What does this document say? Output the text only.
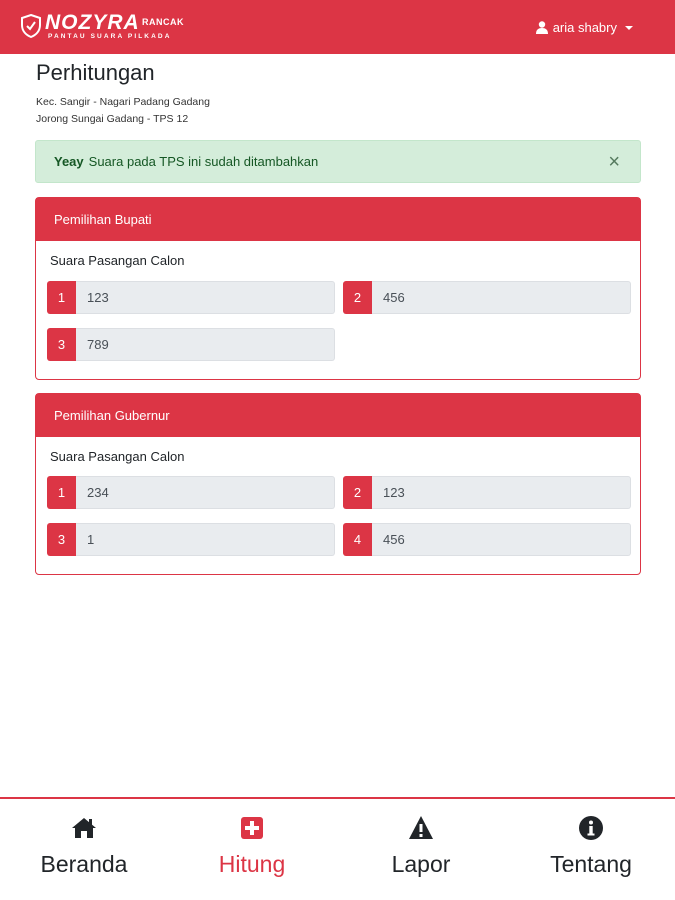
NOZYRA RANCAK
PANTAU SUARA PILKADA
aria shabry
Perhitungan
Kec. Sangir - Nagari Padang Gadang
Jorong Sungai Gadang - TPS 12
Yeay Suara pada TPS ini sudah ditambahkan	×
Pemilihan Bupati
Suara Pasangan Calon
1	123	2	456
3	789
Pemilihan Gubernur
Suara Pasangan Calon
1	234	2	123
3	1	4	456
Beranda	Hitung	Lapor	Tentang
